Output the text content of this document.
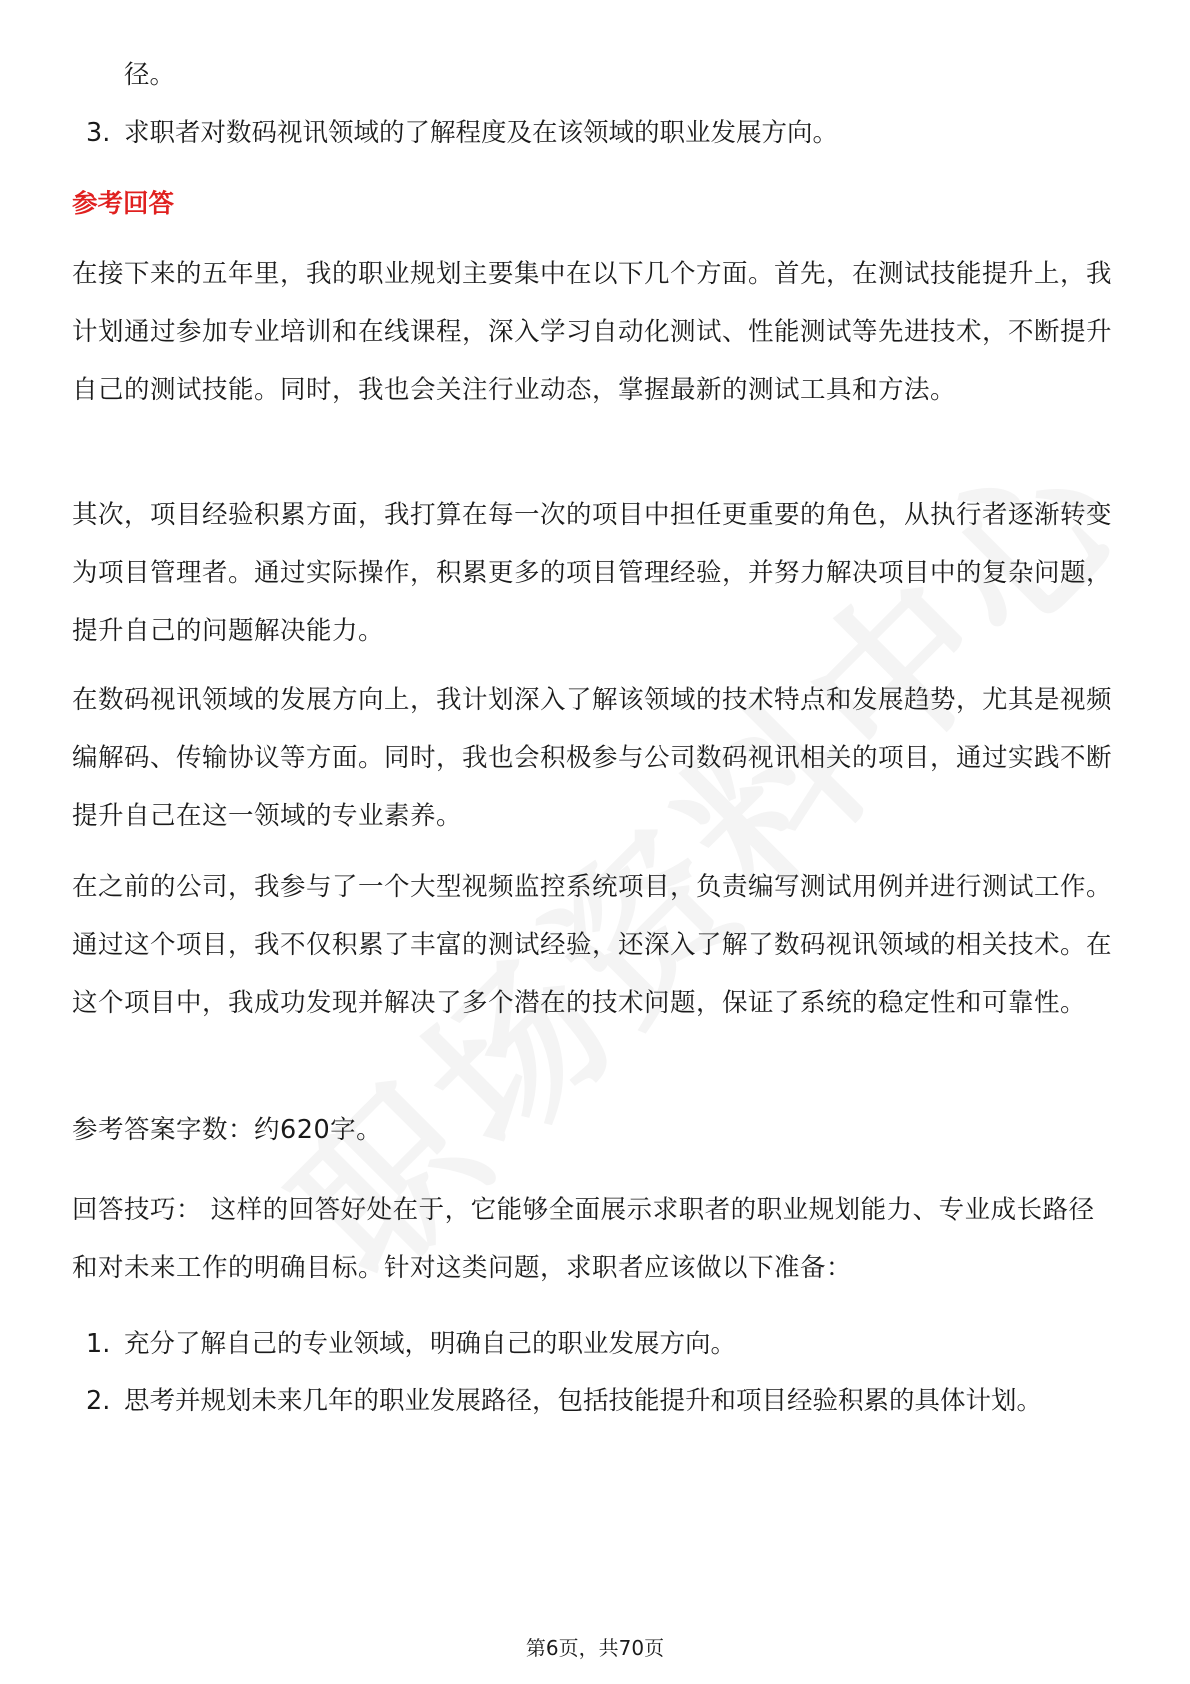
径。
3. 求职者对数码视讯领域的了解程度及在该领域的职业发展方向。
参考回答

在接下来的五年里，我的职业规划主要集中在以下几个方面。首先，在测试技能提升上，我计划通过参加专业培训和在线课程，深入学习自动化测试、性能测试等先进技术，不断提升自己的测试技能。同时，我也会关注行业动态，掌握最新的测试工具和方法。

其次，项目经验积累方面，我打算在每一次的项目中担任更重要的角色，从执行者逐渐转变为项目管理者。通过实际操作，积累更多的项目管理经验，并努力解决项目中的复杂问题，提升自己的问题解决能力。

在数码视讯领域的发展方向上，我计划深入了解该领域的技术特点和发展趋势，尤其是视频编解码、传输协议等方面。同时，我也会积极参与公司数码视讯相关的项目，通过实践不断提升自己在这一领域的专业素养。

在之前的公司，我参与了一个大型视频监控系统项目，负责编写测试用例并进行测试工作。通过这个项目，我不仅积累了丰富的测试经验，还深入了解了数码视讯领域的相关技术。在这个项目中，我成功发现并解决了多个潜在的技术问题，保证了系统的稳定性和可靠性。

参考答案字数：约620字。

回答技巧： 这样的回答好处在于，它能够全面展示求职者的职业规划能力、专业成长路径和对未来工作的明确目标。针对这类问题，求职者应该做以下准备：

1. 充分了解自己的专业领域，明确自己的职业发展方向。
2. 思考并规划未来几年的职业发展路径，包括技能提升和项目经验积累的具体计划。
第6页，共70页
